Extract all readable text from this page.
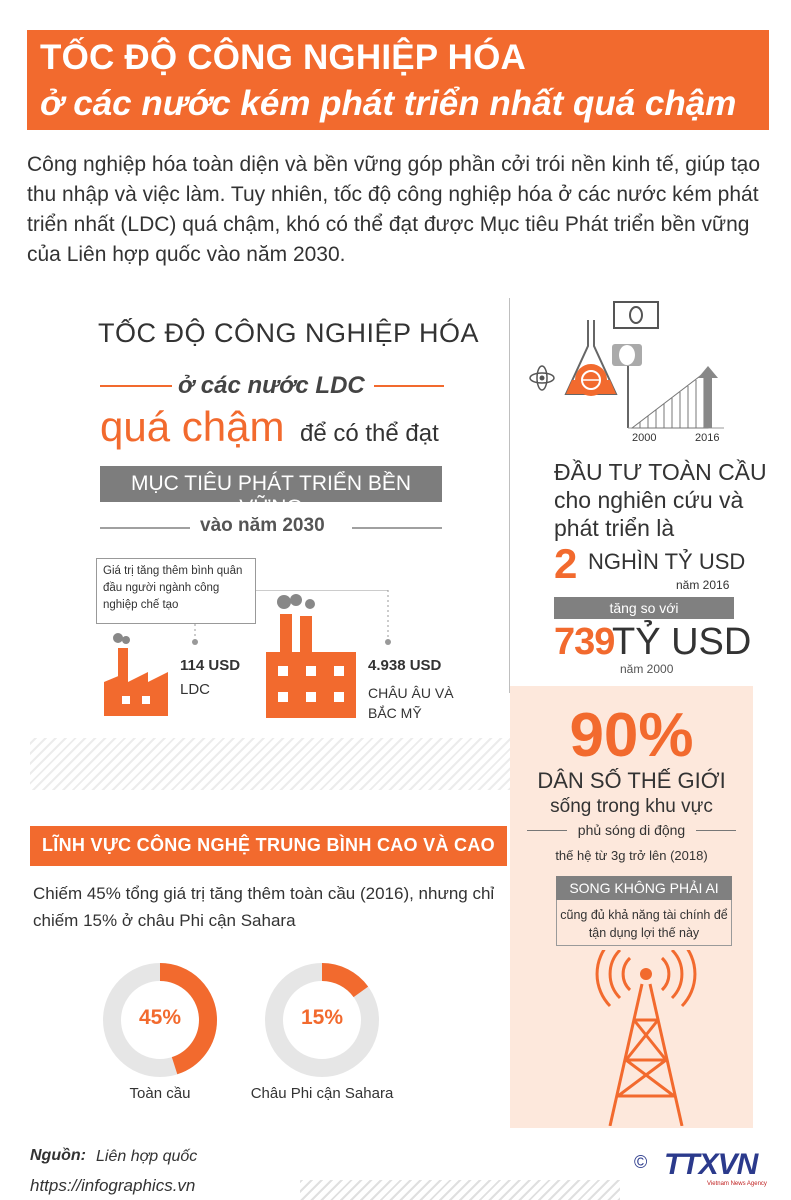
TỐC ĐỘ CÔNG NGHIỆP HÓA
ở các nước kém phát triển nhất quá chậm
Công nghiệp hóa toàn diện và bền vững góp phần cởi trói nền kinh tế, giúp tạo thu nhập và việc làm. Tuy nhiên, tốc độ công nghiệp hóa ở các nước kém phát triển nhất (LDC) quá chậm, khó có thể đạt được Mục tiêu Phát triển bền vững của Liên hợp quốc vào năm 2030.
TỐC ĐỘ CÔNG NGHIỆP HÓA
ở các nước LDC
quá chậm để có thể đạt
MỤC TIÊU PHÁT TRIỂN BỀN VỮNG
vào năm 2030
Giá trị tăng thêm bình quân đầu người ngành công nghiệp chế tạo
114 USD
LDC
4.938 USD
CHÂU ÂU VÀ BẮC MỸ
2000	2016
ĐẦU TƯ TOÀN CẦU cho nghiên cứu và phát triển là
2 NGHÌN TỶ USD
năm 2016
tăng so với
739
TỶ USD
năm 2000
90%
DÂN SỐ THẾ GIỚI
sống trong khu vực
phủ sóng di động
thế hệ từ 3g trở lên (2018)
SONG KHÔNG PHẢI AI
cũng đủ khả năng tài chính để tận dụng lợi thế này
LĨNH VỰC CÔNG NGHỆ TRUNG BÌNH CAO VÀ CAO
Chiếm 45% tổng giá trị tăng thêm toàn cầu (2016), nhưng chỉ chiếm 15% ở châu Phi cận Sahara
45%
Toàn cầu
15%
Châu Phi cận Sahara
Nguồn: Liên hợp quốc
https://infographics.vn
© TTXVN
Vietnam News Agency
